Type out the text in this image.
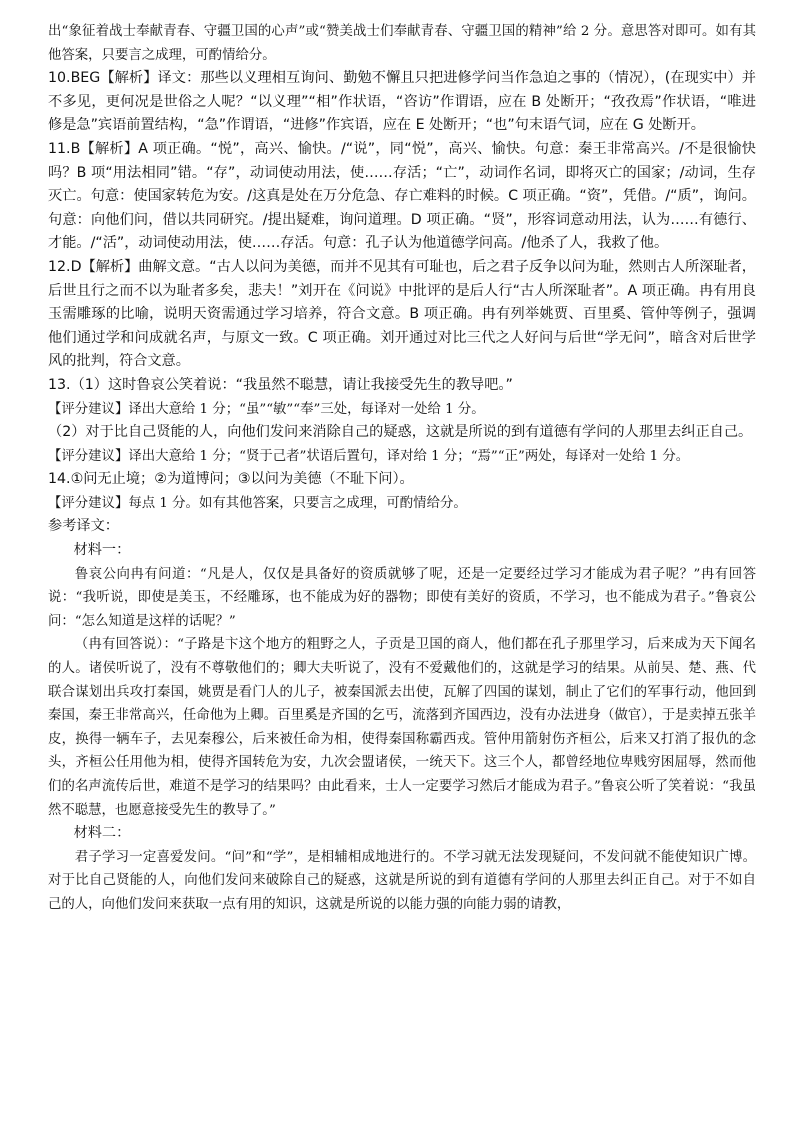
出“象征着战士奉献青春、守疆卫国的心声”或“赞美战士们奉献青春、守疆卫国的精神”给 2 分。意思答对即可。如有其他答案，只要言之成理，可酌情给分。

10.BEG【解析】译文：那些以义理相互询问、勤勉不懈且只把进修学问当作急迫之事的（情况），(在现实中）并不多见，更何况是世俗之人呢？“以义理”“相”作状语，“咨访”作谓语，应在 B 处断开；“孜孜焉”作状语，“唯进修是急”宾语前置结构，“急”作谓语，“进修”作宾语，应在 E 处断开；“也”句末语气词，应在 G 处断开。

11.B【解析】A 项正确。“悦”，高兴、愉快。/“说”，同“悦”，高兴、愉快。句意：秦王非常高兴。/不是很愉快吗？B 项“用法相同”错。“存”，动词使动用法，使……存活；“亡”，动词作名词，即将灭亡的国家；/动词，生存灭亡。句意：使国家转危为安。/这真是处在万分危急、存亡难料的时候。C 项正确。“资”，凭借。/“质”，询问。句意：向他们问，借以共同研究。/提出疑难，询问道理。D 项正确。“贤”，形容词意动用法，认为……有德行、才能。/“活”，动词使动用法，使……存活。句意：孔子认为他道德学问高。/他杀了人，我救了他。

12.D【解析】曲解文意。“古人以问为美德，而并不见其有可耻也，后之君子反争以问为耻，然则古人所深耻者，后世且行之而不以为耻者多矣，悲夫！”刘开在《问说》中批评的是后人行“古人所深耻者”。A 项正确。冉有用良玉需雕琢的比喻，说明天资需通过学习培养，符合文意。B 项正确。冉有列举姚贾、百里奚、管仲等例子，强调他们通过学和问成就名声，与原文一致。C 项正确。刘开通过对比三代之人好问与后世“学无问”，暗含对后世学风的批判，符合文意。

13.（1）这时鲁哀公笑着说：“我虽然不聪慧，请让我接受先生的教导吧。”

【评分建议】译出大意给 1 分；“虽”“敏”“奉”三处，每译对一处给 1 分。

（2）对于比自己贤能的人，向他们发问来消除自己的疑惑，这就是所说的到有道德有学问的人那里去纠正自己。

【评分建议】译出大意给 1 分；“贤于己者”状语后置句，译对给 1 分；“焉”“正”两处，每译对一处给 1 分。

14.①问无止境；②为道博问；③以问为美德（不耻下问）。

【评分建议】每点 1 分。如有其他答案，只要言之成理，可酌情给分。

参考译文：

材料一：

鲁哀公向冉有问道：“凡是人，仅仅是具备好的资质就够了呢，还是一定要经过学习才能成为君子呢？”冉有回答说：“我听说，即使是美玉，不经雕琢，也不能成为好的器物；即使有美好的资质，不学习，也不能成为君子。”鲁哀公问：“怎么知道是这样的话呢？”

（冉有回答说）：“子路是卞这个地方的粗野之人，子贡是卫国的商人，他们都在孔子那里学习，后来成为天下闻名的人。诸侯听说了，没有不尊敬他们的；卿大夫听说了，没有不爱戴他们的，这就是学习的结果。从前吴、楚、燕、代联合谋划出兵攻打秦国，姚贾是看门人的儿子，被秦国派去出使，瓦解了四国的谋划，制止了它们的军事行动，他回到秦国，秦王非常高兴，任命他为上卿。百里奚是齐国的乞丐，流落到齐国西边，没有办法进身（做官），于是卖掉五张羊皮，换得一辆车子，去见秦穆公，后来被任命为相，使得秦国称霸西戎。管仲用箭射伤齐桓公，后来又打消了报仇的念头，齐桓公任用他为相，使得齐国转危为安，九次会盟诸侯，一统天下。这三个人，都曾经地位卑贱穷困屈辱，然而他们的名声流传后世，难道不是学习的结果吗？由此看来，士人一定要学习然后才能成为君子。”鲁哀公听了笑着说：“我虽然不聪慧，也愿意接受先生的教导了。”

材料二：

君子学习一定喜爱发问。“问”和“学”，是相辅相成地进行的。不学习就无法发现疑问，不发问就不能使知识广博。对于比自己贤能的人，向他们发问来破除自己的疑惑，这就是所说的到有道德有学问的人那里去纠正自己。对于不如自己的人，向他们发问来获取一点有用的知识，这就是所说的以能力强的向能力弱的请教，
